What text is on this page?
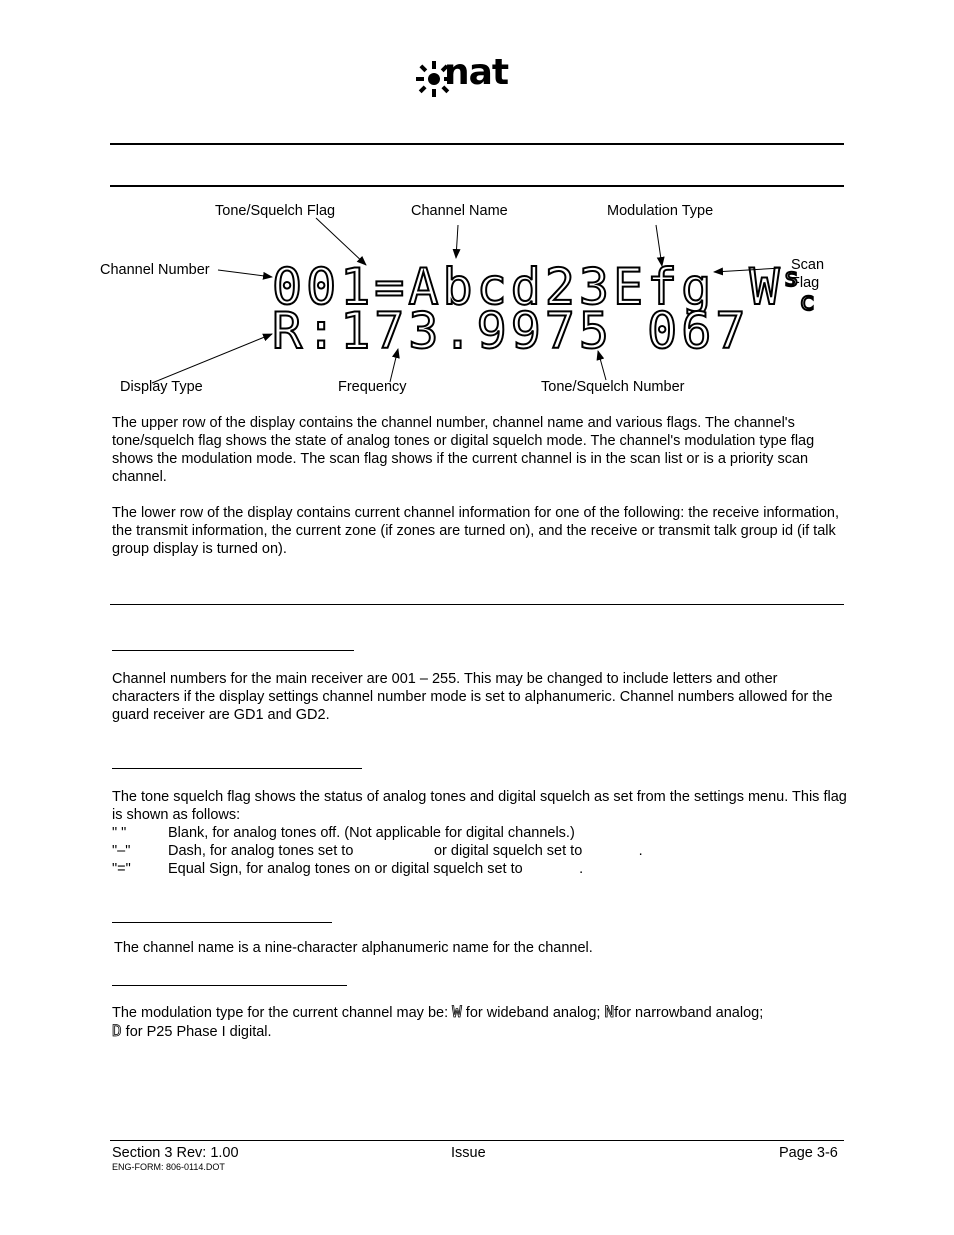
nat
Tone/Squelch Flag	Channel Name	Modulation Type
Channel Number	Scan
Flag
Display Type	Frequency	Tone/Squelch Number
001=Abcd23Efg $W^sc$
R:173.9975 067

The upper row of the display contains the channel number, channel name and various flags. The channel's tone/squelch flag shows the state of analog tones or digital squelch mode. The channel's modulation type flag shows the modulation mode. The scan flag shows if the current channel is in the scan list or is a priority scan channel.

The lower row of the display contains current channel information for one of the following: the receive information, the transmit information, the current zone (if zones are turned on), and the receive or transmit talk group id (if talk group display is turned on).

Channel numbers for the main receiver are 001 – 255. This may be changed to include letters and other characters if the display settings channel number mode is set to alphanumeric. Channel numbers allowed for the guard receiver are GD1 and GD2.

The tone squelch flag shows the status of analog tones and digital squelch as set from the settings menu. This flag is shown as follows:

" "	Blank, for analog tones off. (Not applicable for digital channels.)
"–"	Dash, for analog tones set to                    or digital squelch set to              .
"="	Equal Sign, for analog tones on or digital squelch set to              .

The channel name is a nine-character alphanumeric name for the channel.

The modulation type for the current channel may be: W for wideband analog; Nfor narrowband analog;
D for P25 Phase I digital.

Section 3 Rev: 1.00	Issue	Page 3-6
ENG-FORM: 806-0114.DOT
